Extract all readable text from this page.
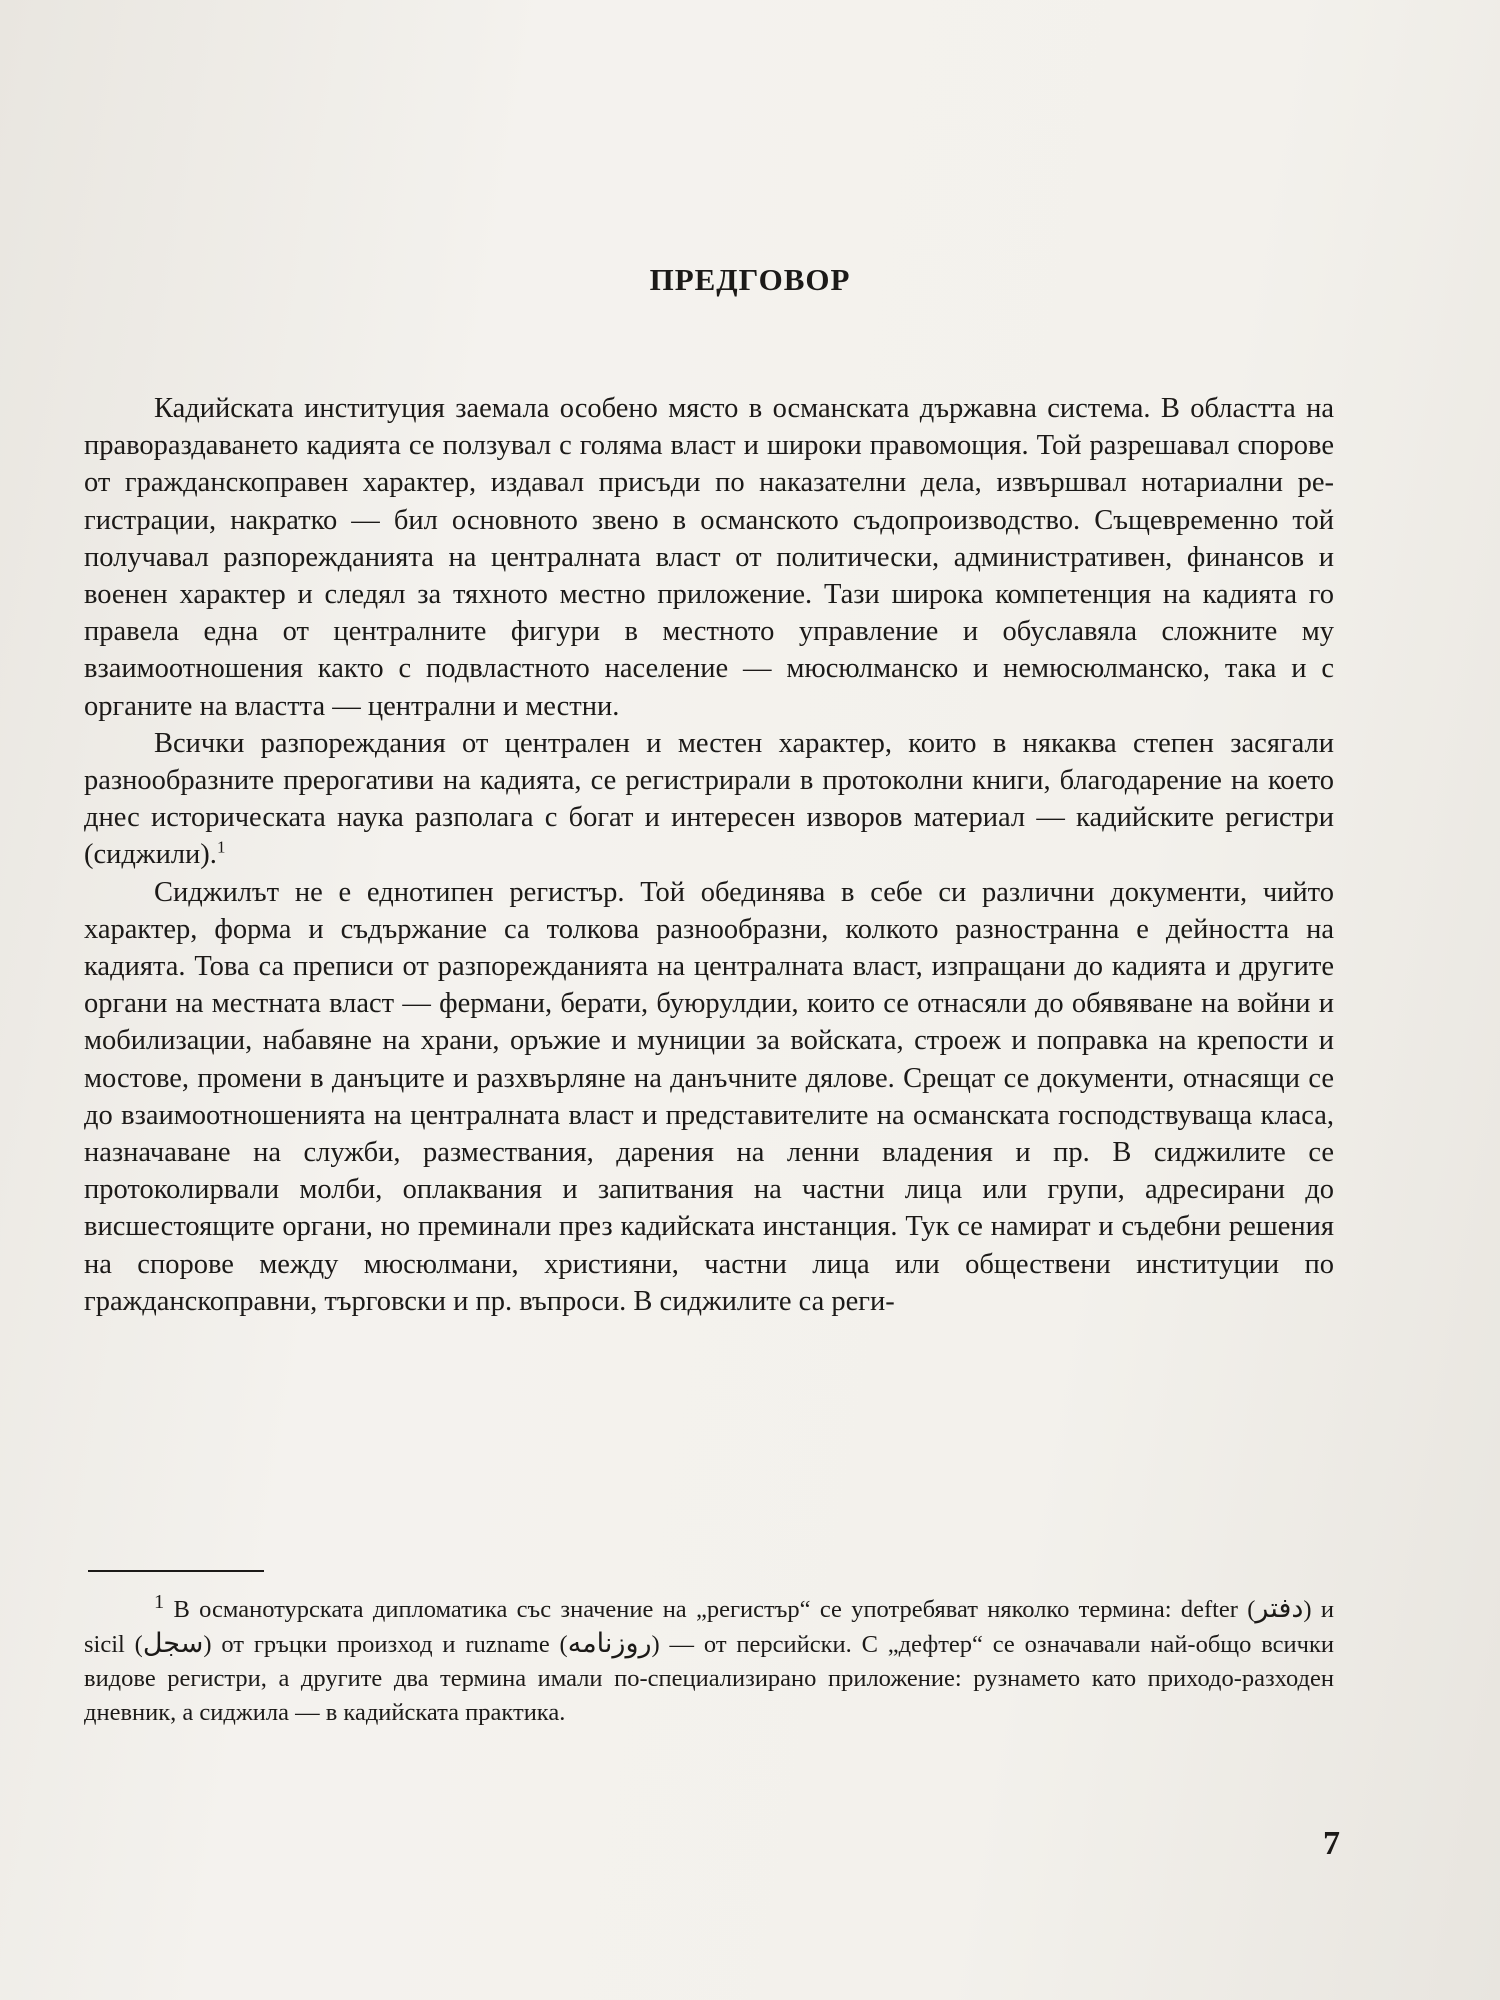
ПРЕДГОВОР

Кадийската институция заемала особено място в османската държавна система. В областта на правораздаването кадията се ползувал с голяма власт и широки правомощия. Той разрешавал спорове от гражданскоправен характер, издавал присъди по наказателни дела, извършвал нотариални регистрации, накратко — бил основното звено в османското съдопроизводство. Същевременно той получавал разпорежданията на централната власт от политически, административен, финансов и военен характер и следял за тяхното местно приложение. Тази широка компетенция на кадията го правела една от централните фигури в местното управление и обуславяла сложните му взаимоотношения както с подвластното население — мюсюлманско и немюсюлманско, така и с органите на властта — централни и местни.

Всички разпореждания от централен и местен характер, които в някаква степен засягали разнообразните прерогативи на кадията, се регистрирали в протоколни книги, благодарение на което днес историческата наука разполага с богат и интересен изворов материал — кадийските регистри (сиджили).$^1$

Сиджилът не е еднотипен регистър. Той обединява в себе си различни документи, чийто характер, форма и съдържание са толкова разнообразни, колкото разностранна е дейността на кадията. Това са преписи от разпорежданията на централната власт, изпращани до кадията и другите органи на местната власт — фермани, берати, буюрулдии, които се отнасяли до обявяване на войни и мобилизации, набавяне на храни, оръжие и муниции за войската, строеж и поправка на крепости и мостове, промени в данъците и разхвърляне на данъчните дялове. Срещат се документи, отнасящи се до взаимоотношенията на централната власт и представителите на османската господствуваща класа, назначаване на служби, размествания, дарения на ленни владения и пр. В сиджилите се протоколирвали молби, оплаквания и запитвания на частни лица или групи, адресирани до висшестоящите органи, но преминали през кадийската инстанция. Тук се намират и съдебни решения на спорове между мюсюлмани, християни, частни лица или обществени институции по гражданскоправни, търговски и пр. въпроси. В сиджилите са реги-

$^1$ В османотурската дипломатика със значение на „регистър“ се употребяват няколко термина: defter (دفتر) и sicil (سجل) от гръцки произход и ruzname (روزنامه) — от персийски. С „дефтер“ се означавали най-общо всички видове регистри, а другите два термина имали по-специализирано приложение: рузнамето като приходо-разходен дневник, а сиджила — в кадийската практика.

7
